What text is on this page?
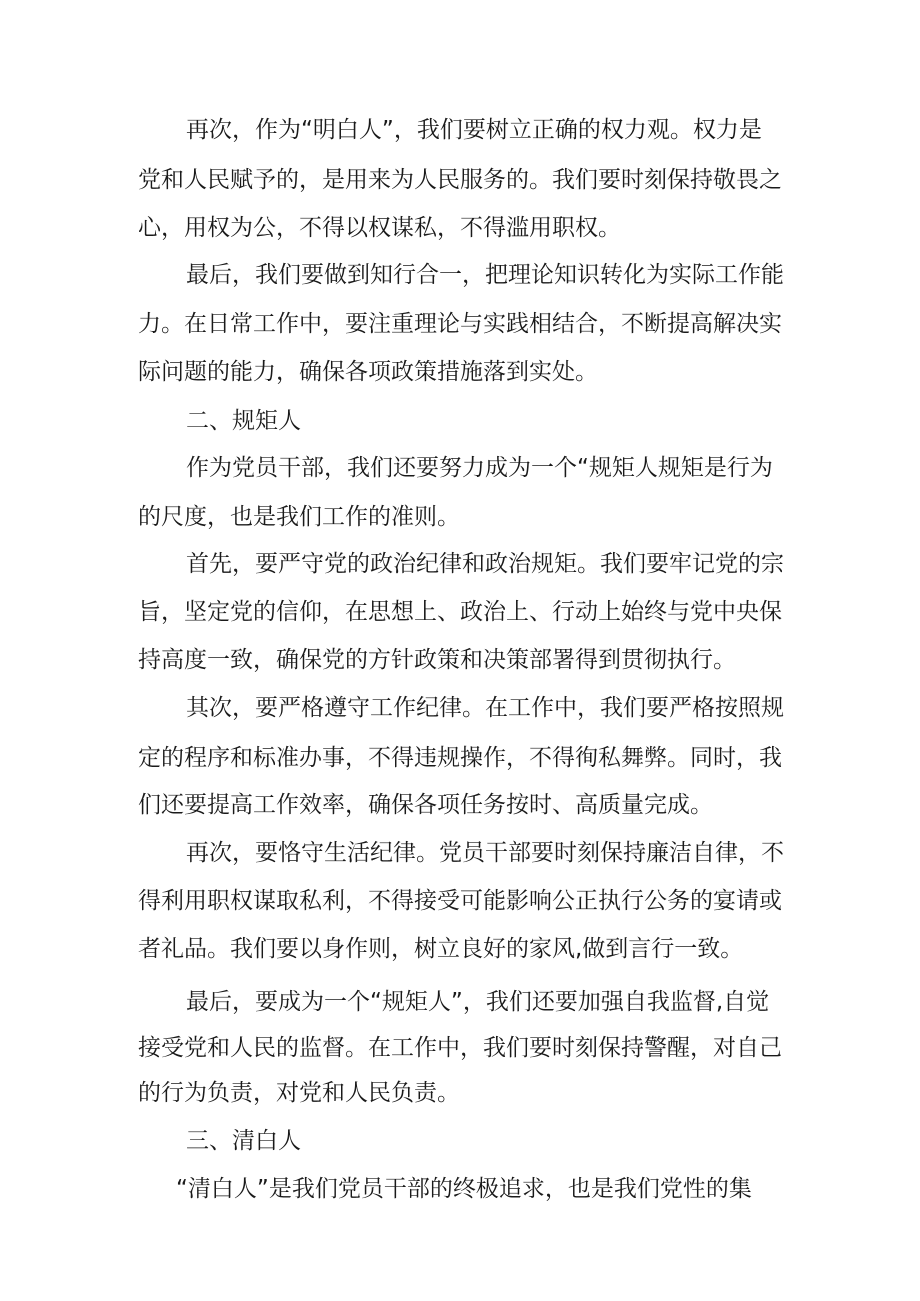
再次，作为“明白人”，我们要树立正确的权力观。权力是
党和人民赋予的，是用来为人民服务的。我们要时刻保持敬畏之
心，用权为公，不得以权谋私，不得滥用职权。
最后，我们要做到知行合一，把理论知识转化为实际工作能
力。在日常工作中，要注重理论与实践相结合，不断提高解决实
际问题的能力，确保各项政策措施落到实处。
二、规矩人
作为党员干部，我们还要努力成为一个“规矩人规矩是行为
的尺度，也是我们工作的准则。
首先，要严守党的政治纪律和政治规矩。我们要牢记党的宗
旨，坚定党的信仰，在思想上、政治上、行动上始终与党中央保
持高度一致，确保党的方针政策和决策部署得到贯彻执行。
其次，要严格遵守工作纪律。在工作中，我们要严格按照规
定的程序和标准办事，不得违规操作，不得徇私舞弊。同时，我
们还要提高工作效率，确保各项任务按时、高质量完成。
再次，要恪守生活纪律。党员干部要时刻保持廉洁自律，不
得利用职权谋取私利，不得接受可能影响公正执行公务的宴请或
者礼品。我们要以身作则，树立良好的家风,做到言行一致。
最后，要成为一个“规矩人”，我们还要加强自我监督,自觉
接受党和人民的监督。在工作中，我们要时刻保持警醒，对自己
的行为负责，对党和人民负责。
三、清白人
“清白人”是我们党员干部的终极追求，也是我们党性的集
